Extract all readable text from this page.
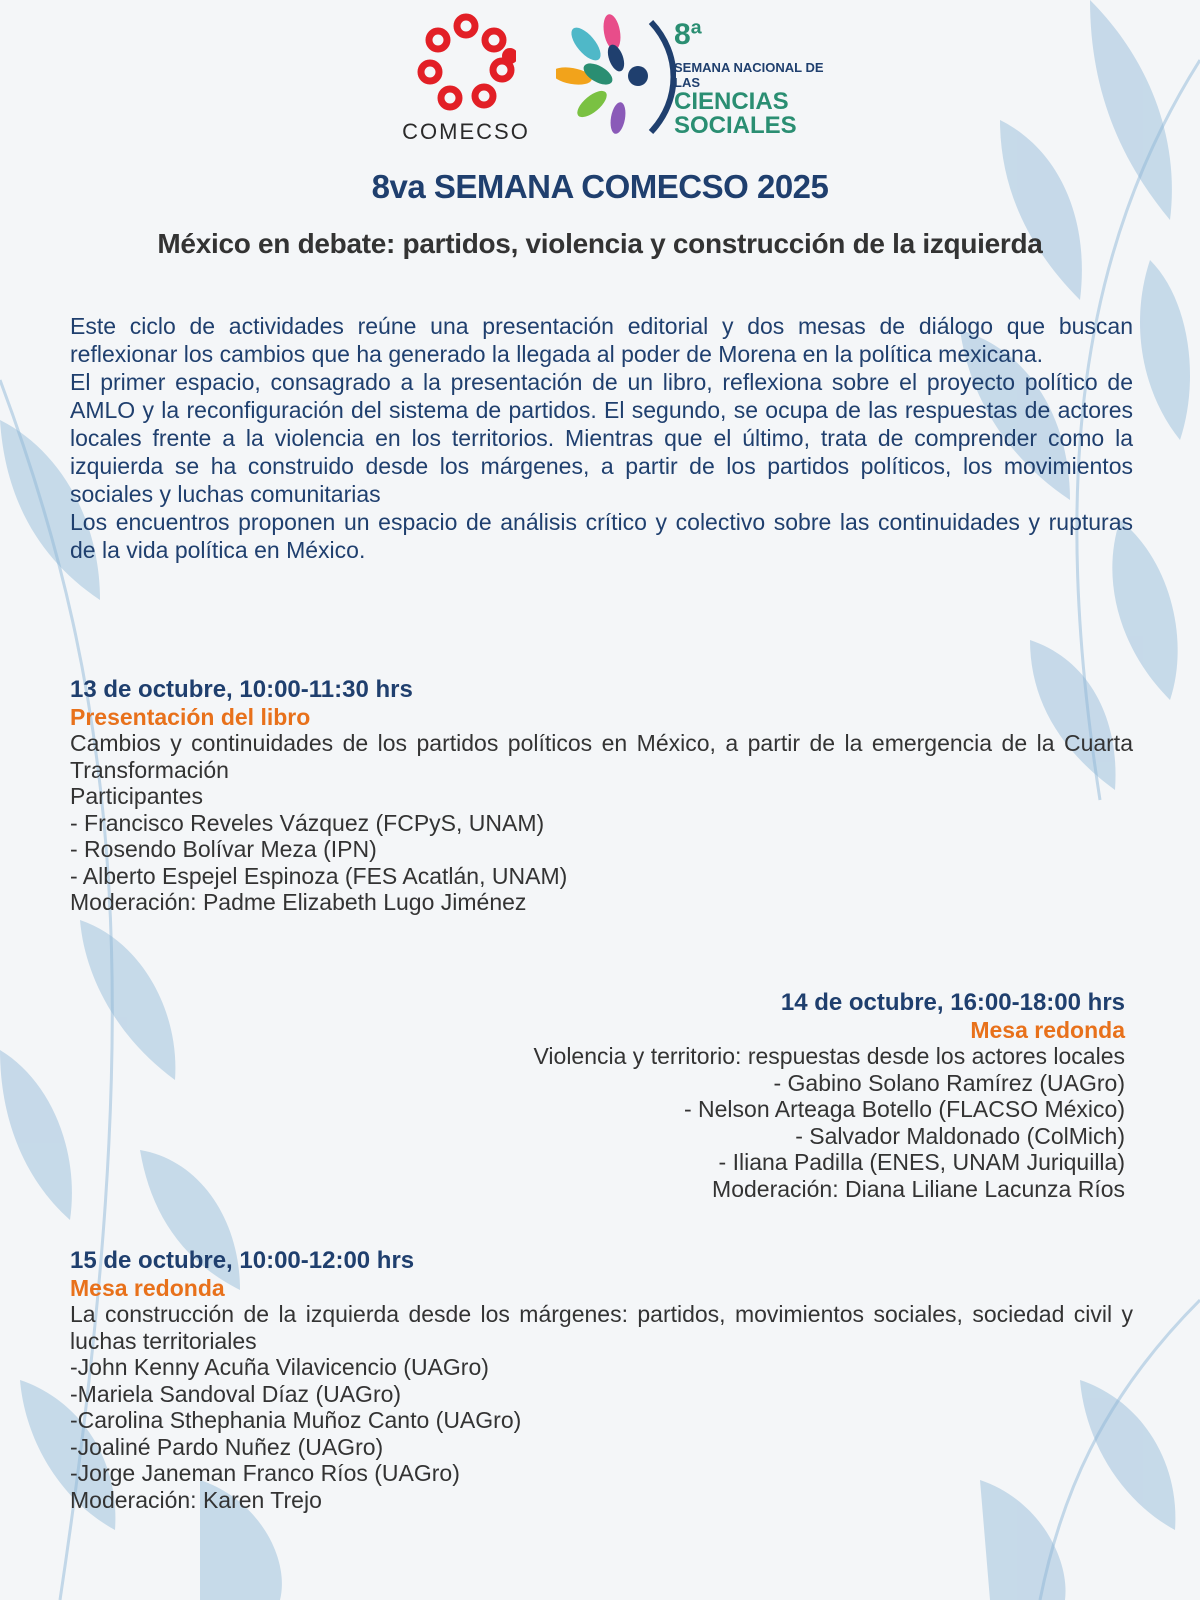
COMECSO
8ª
SEMANA NACIONAL DE LAS
CIENCIAS SOCIALES
8va SEMANA COMECSO 2025
México en debate: partidos, violencia y construcción de la izquierda

Este ciclo de actividades reúne una presentación editorial y dos mesas de diálogo que buscan reflexionar los cambios que ha generado la llegada al poder de Morena en la política mexicana.

El primer espacio, consagrado a la presentación de un libro, reflexiona sobre el proyecto político de AMLO y la reconfiguración del sistema de partidos. El segundo, se ocupa de las respuestas de actores locales frente a la violencia en los territorios. Mientras que el último, trata de comprender como la izquierda se ha construido desde los márgenes, a partir de los partidos políticos, los movimientos sociales y luchas comunitarias

Los encuentros proponen un espacio de análisis crítico y colectivo sobre las continuidades y rupturas de la vida política en México.

13 de octubre, 10:00-11:30 hrs
Presentación del libro
Cambios y continuidades de los partidos políticos en México, a partir de la emergencia de la Cuarta Transformación
Participantes
- Francisco Reveles Vázquez (FCPyS, UNAM)
- Rosendo Bolívar Meza (IPN)
- Alberto Espejel Espinoza (FES Acatlán, UNAM)
Moderación: Padme Elizabeth Lugo Jiménez
14 de octubre, 16:00-18:00 hrs
Mesa redonda
Violencia y territorio: respuestas desde los actores locales
- Gabino Solano Ramírez (UAGro)
- Nelson Arteaga Botello (FLACSO México)
- Salvador Maldonado (ColMich)
- Iliana Padilla (ENES, UNAM Juriquilla)
Moderación: Diana Liliane Lacunza Ríos
15 de octubre, 10:00-12:00 hrs
Mesa redonda
La construcción de la izquierda desde los márgenes: partidos, movimientos sociales, sociedad civil y luchas territoriales
-John Kenny Acuña Vilavicencio (UAGro)
-Mariela Sandoval Díaz (UAGro)
-Carolina Sthephania Muñoz Canto (UAGro)
-Joaliné Pardo Nuñez (UAGro)
-Jorge Janeman Franco Ríos (UAGro)
Moderación: Karen Trejo
